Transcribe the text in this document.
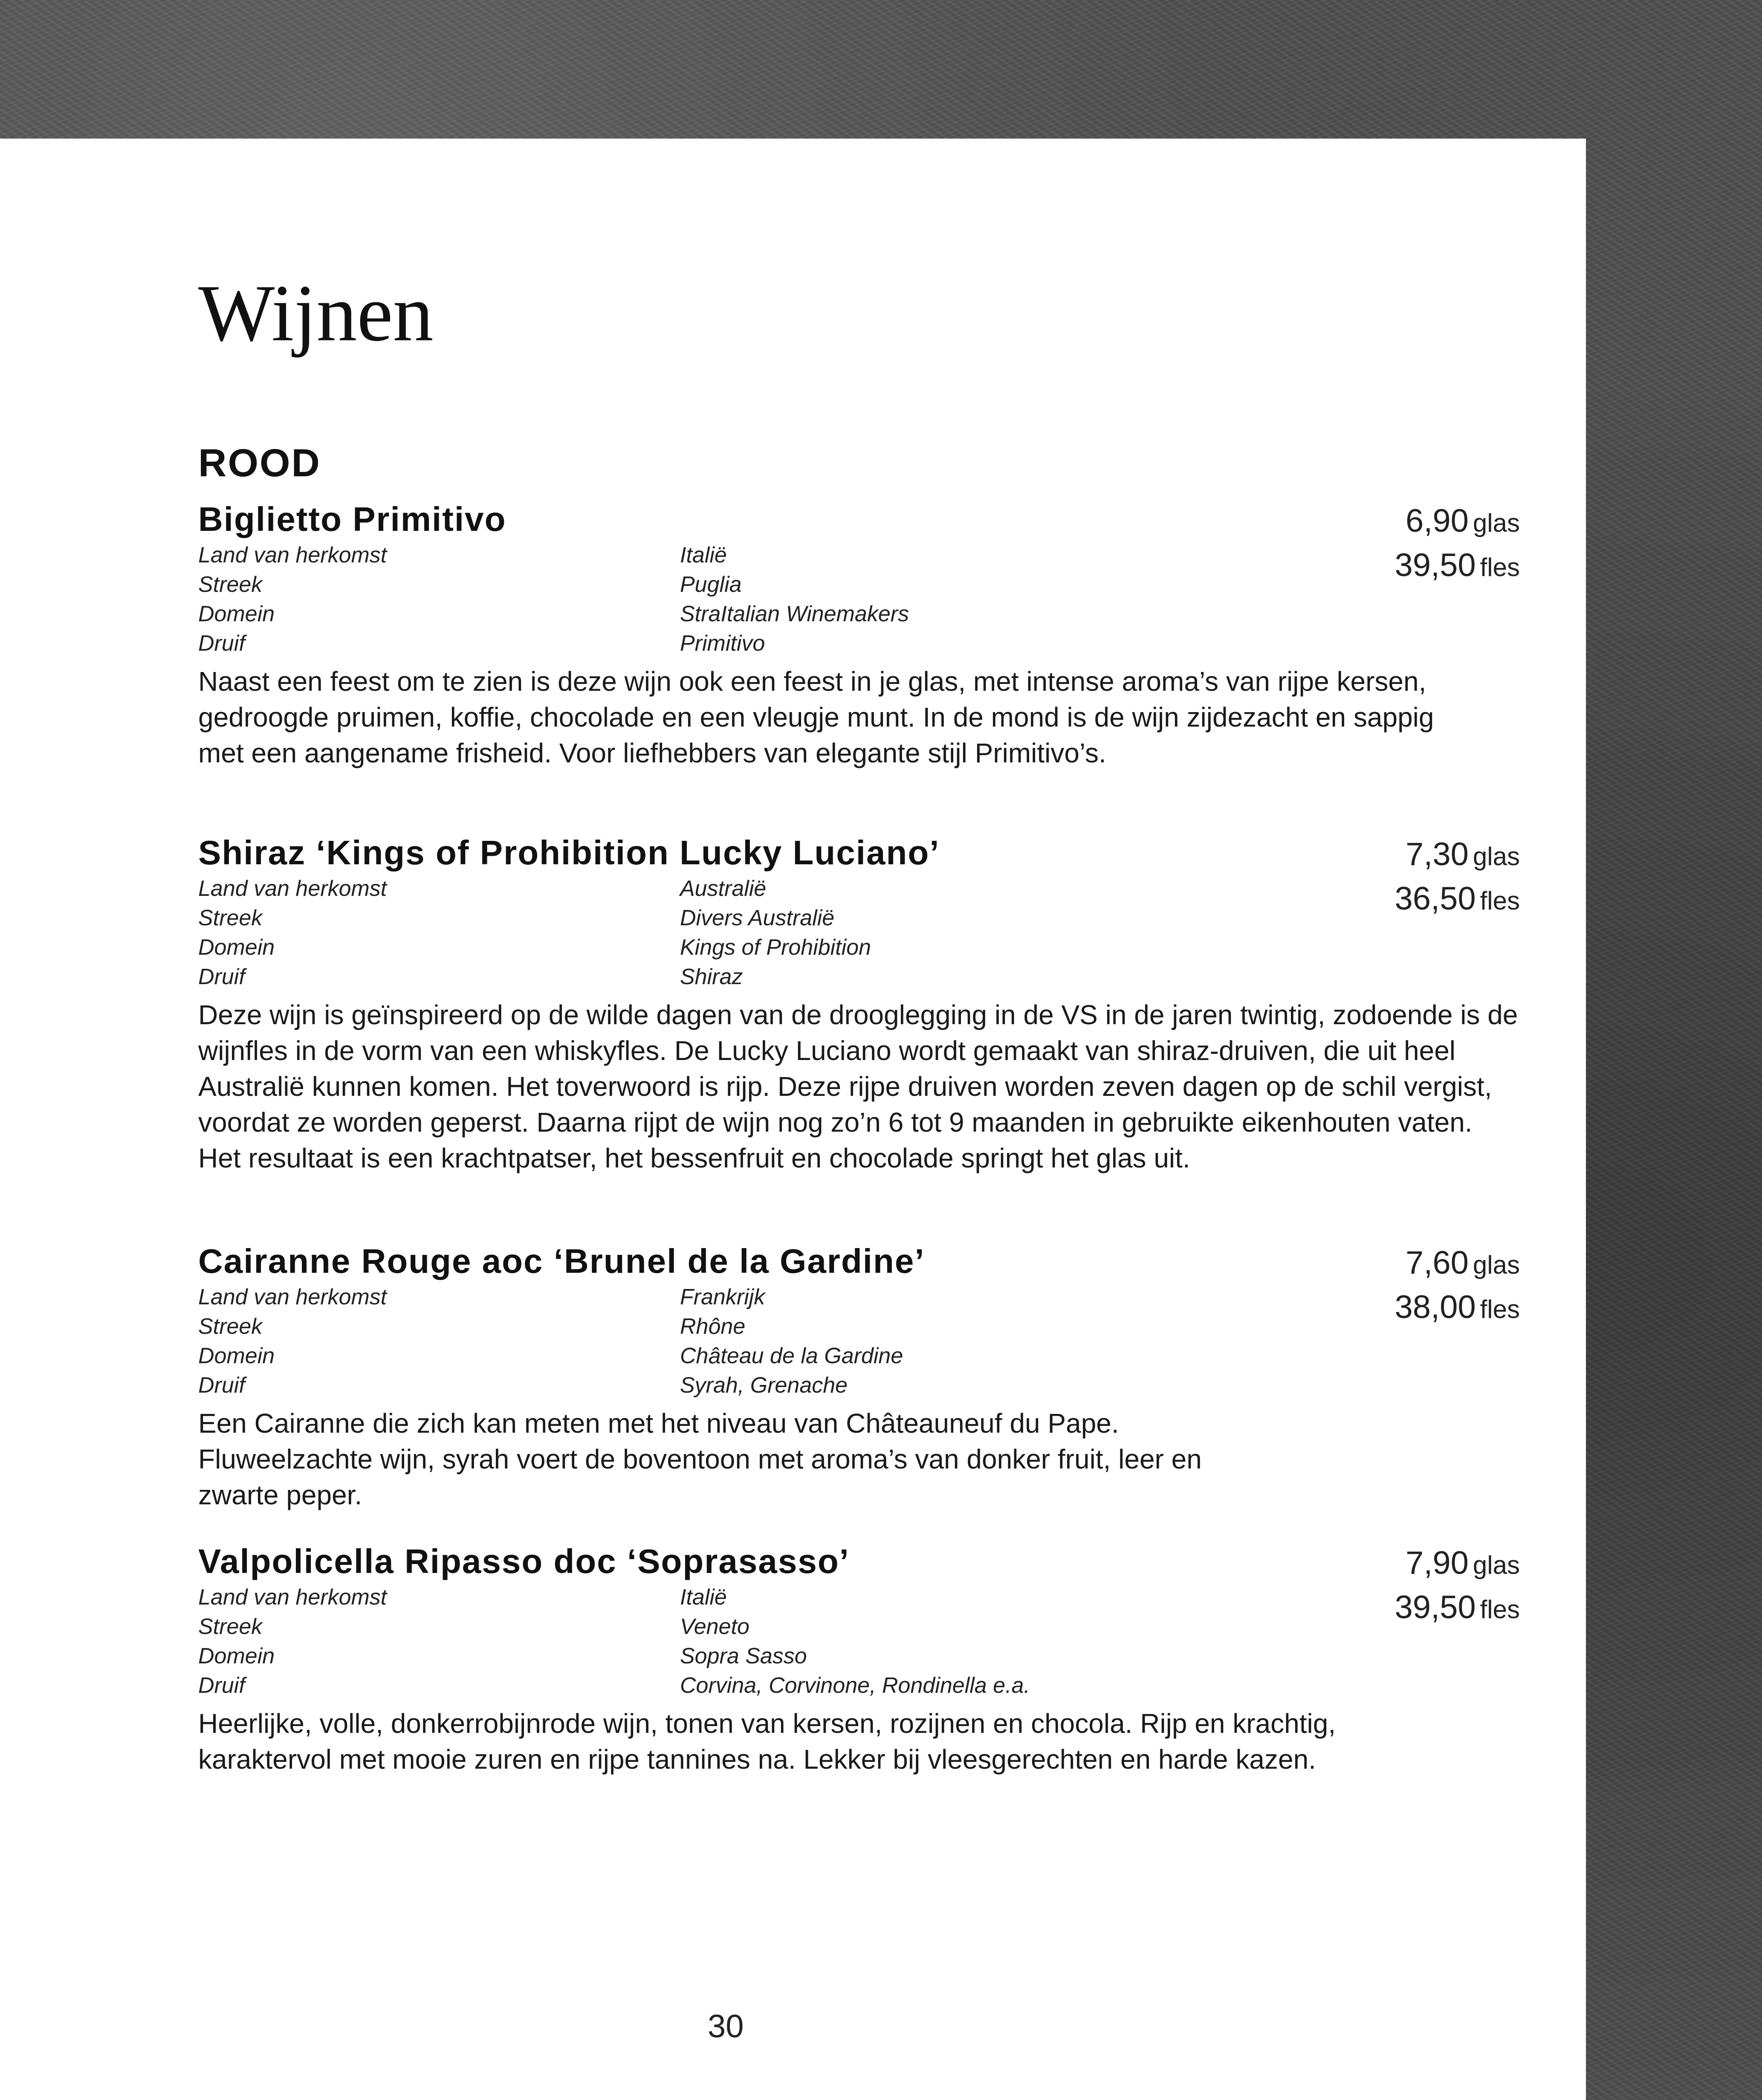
Wijnen
ROOD
Biglietto Primitivo
Land van herkomst	Italië
Streek	Puglia
Domein	StraItalian Winemakers
Druif	Primitivo
Naast een feest om te zien is deze wijn ook een feest in je glas, met intense aroma’s van rijpe kersen, gedroogde pruimen, koffie, chocolade en een vleugje munt. In de mond is de wijn zijdezacht en sappig met een aangename frisheid. Voor liefhebbers van elegante stijl Primitivo’s.
6,90 glas
39,50 fles
Shiraz ‘Kings of Prohibition Lucky Luciano’
Land van herkomst	Australië
Streek	Divers Australië
Domein	Kings of Prohibition
Druif	Shiraz
Deze wijn is geïnspireerd op de wilde dagen van de drooglegging in de VS in de jaren twintig, zodoende is de wijnfles in de vorm van een whiskyfles. De Lucky Luciano wordt gemaakt van shiraz-druiven, die uit heel Australië kunnen komen. Het toverwoord is rijp. Deze rijpe druiven worden zeven dagen op de schil vergist, voordat ze worden geperst. Daarna rijpt de wijn nog zo’n 6 tot 9 maanden in gebruikte eikenhouten vaten. Het resultaat is een krachtpatser, het bessenfruit en chocolade springt het glas uit.
7,30 glas
36,50 fles
Cairanne Rouge aoc ‘Brunel de la Gardine’
Land van herkomst	Frankrijk
Streek	Rhône
Domein	Château de la Gardine
Druif	Syrah, Grenache
Een Cairanne die zich kan meten met het niveau van Châteauneuf du Pape. Fluweelzachte wijn, syrah voert de boventoon met aroma’s van donker fruit, leer en zwarte peper.
7,60 glas
38,00 fles
Valpolicella Ripasso doc ‘Soprasasso’
Land van herkomst	Italië
Streek	Veneto
Domein	Sopra Sasso
Druif	Corvina, Corvinone, Rondinella e.a.
Heerlijke, volle, donkerrobijnrode wijn, tonen van kersen, rozijnen en chocola. Rijp en krachtig, karaktervol met mooie zuren en rijpe tannines na. Lekker bij vleesgerechten en harde kazen.
7,90 glas
39,50 fles
30
